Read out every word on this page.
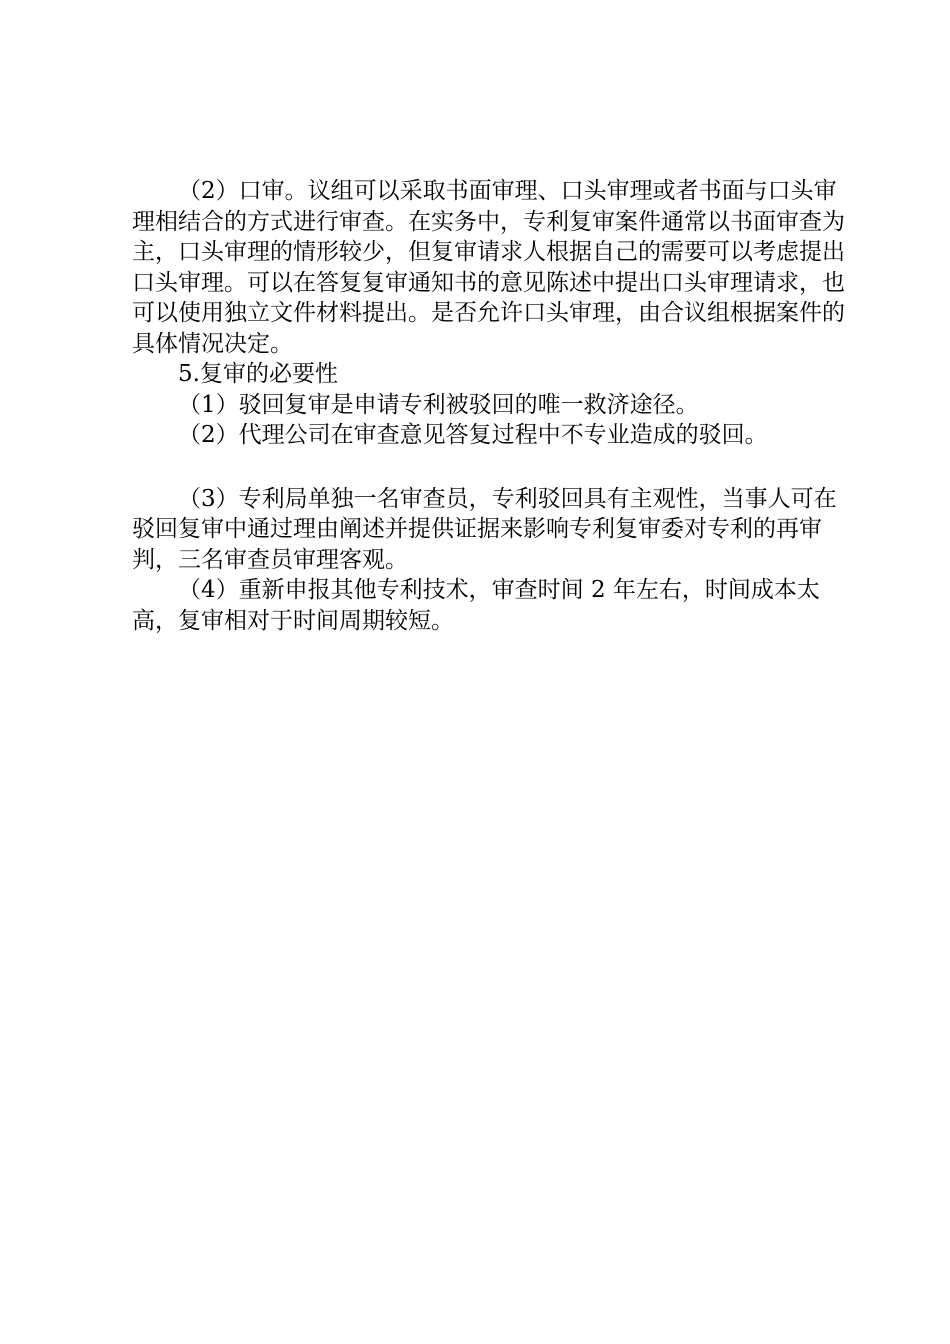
（2）口审。议组可以采取书面审理、口头审理或者书面与口头审理相结合的方式进行审查。在实务中，专利复审案件通常以书面审查为主，口头审理的情形较少，但复审请求人根据自己的需要可以考虑提出口头审理。可以在答复复审通知书的意见陈述中提出口头审理请求，也可以使用独立文件材料提出。是否允许口头审理，由合议组根据案件的具体情况决定。

5.复审的必要性

（1）驳回复审是申请专利被驳回的唯一救济途径。

（2）代理公司在审查意见答复过程中不专业造成的驳回。

（3）专利局单独一名审查员，专利驳回具有主观性，当事人可在驳回复审中通过理由阐述并提供证据来影响专利复审委对专利的再审判，三名审查员审理客观。

（4）重新申报其他专利技术，审查时间 2 年左右，时间成本太高，复审相对于时间周期较短。
